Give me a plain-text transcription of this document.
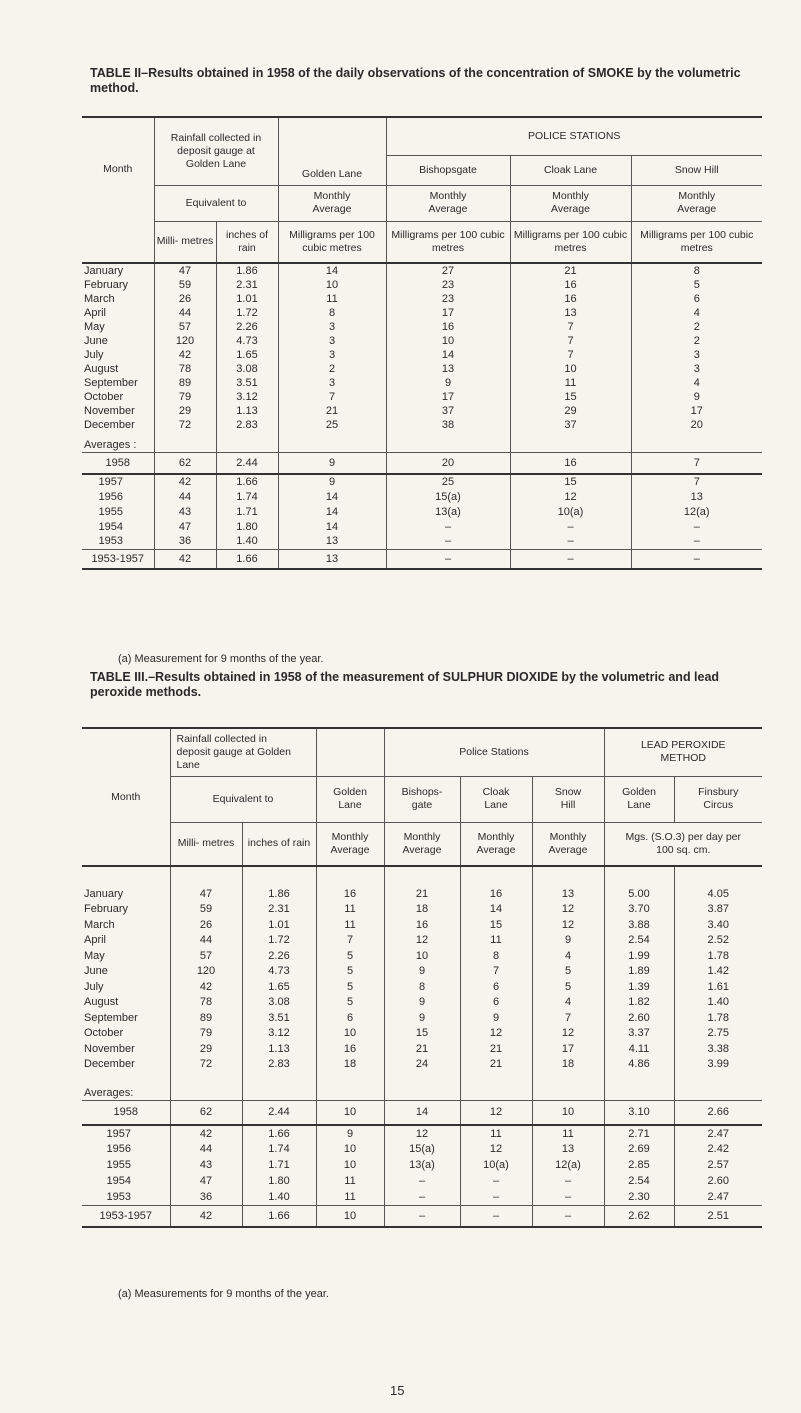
TABLE II–Results obtained in 1958 of the daily observations of the concentration of SMOKE by the volumetric method.
Month	Rainfall collected in deposit gauge at Golden Lane		Golden Lane	POLICE STATIONS		
				Bishopsgate	Cloak Lane	Snow Hill
	Equivalent to		Monthly Average	Monthly Average	Monthly Average	Monthly Average
	Milli- metres	inches of rain	Milligrams per 100 cubic metres	Milligrams per 100 cubic metres	Milligrams per 100 cubic metres	Milligrams per 100 cubic metres
January	47	1.86	14	27	21	8
February	59	2.31	10	23	16	5
March	26	1.01	11	23	16	6
April	44	1.72	8	17	13	4
May	57	2.26	3	16	7	2
June	120	4.73	3	10	7	2
July	42	1.65	3	14	7	3
August	78	3.08	2	13	10	3
September	89	3.51	3	9	11	4
October	79	3.12	7	17	15	9
November	29	1.13	21	37	29	17
December	72	2.83	25	38	37	20
Averages :						
1958	62	2.44	9	20	16	7
1957	42	1.66	9	25	15	7
1956	44	1.74	14	15(a)	12	13
1955	43	1.71	14	13(a)	10(a)	12(a)
1954	47	1.80	14	–	–	–
1953	36	1.40	13	–	–	–
1953-1957	42	1.66	13	–	–	–
(a) Measurement for 9 months of the year.
TABLE III.–Results obtained in 1958 of the measurement of SULPHUR DIOXIDE by the volumetric and lead peroxide methods.
Month	Rainfall collected in deposit gauge at Golden Lane			Police Stations			LEAD PEROXIDE METHOD	
	Equivalent to		Golden Lane	Bishops- gate	Cloak Lane	Snow Hill	Golden Lane	Finsbury Circus
	Milli- metres	inches of rain	Monthly Average	Monthly Average	Monthly Average	Monthly Average	Mgs. (S.O.3) per day per 100 sq. cm.	

January	47	1.86	16	21	16	13	5.00	4.05
February	59	2.31	11	18	14	12	3.70	3.87
March	26	1.01	11	16	15	12	3.88	3.40
April	44	1.72	7	12	11	9	2.54	2.52
May	57	2.26	5	10	8	4	1.99	1.78
June	120	4.73	5	9	7	5	1.89	1.42
July	42	1.65	5	8	6	5	1.39	1.61
August	78	3.08	5	9	6	4	1.82	1.40
September	89	3.51	6	9	9	7	2.60	1.78
October	79	3.12	10	15	12	12	3.37	2.75
November	29	1.13	16	21	21	17	4.11	3.38
December	72	2.83	18	24	21	18	4.86	3.99
Averages:								
1958	62	2.44	10	14	12	10	3.10	2.66
1957	42	1.66	9	12	11	11	2.71	2.47
1956	44	1.74	10	15(a)	12	13	2.69	2.42
1955	43	1.71	10	13(a)	10(a)	12(a)	2.85	2.57
1954	47	1.80	11	–	–	–	2.54	2.60
1953	36	1.40	11	–	–	–	2.30	2.47
1953-1957	42	1.66	10	–	–	–	2.62	2.51
(a) Measurements for 9 months of the year.
15
